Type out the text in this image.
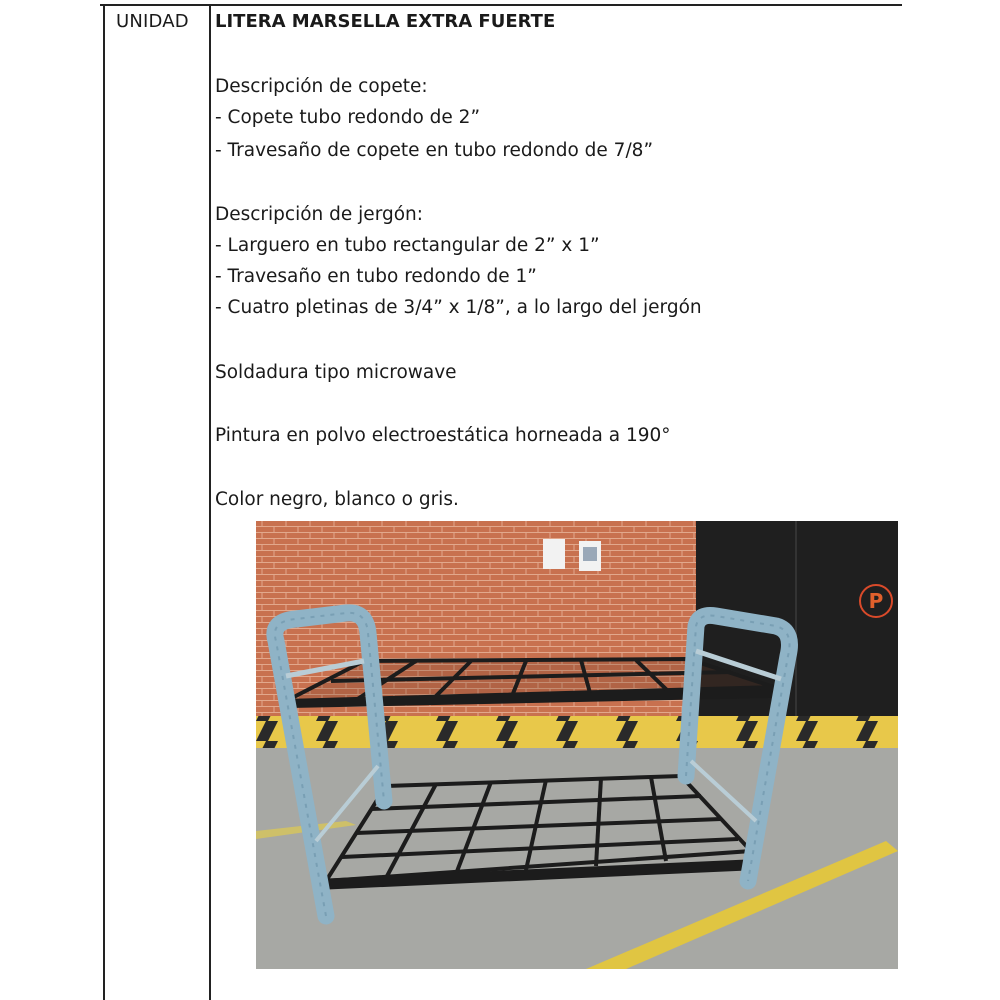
UNIDAD LITERA MARSELLA EXTRA FUERTE
Descripción de copete:
- Copete tubo redondo de 2”
- Travesaño de copete en tubo redondo de 7/8”
Descripción de jergón:
- Larguero en tubo rectangular de 2” x 1”
- Travesaño en tubo redondo de 1”
- Cuatro pletinas de 3/4” x 1/8”, a lo largo del jergón
Soldadura tipo microwave
Pintura en polvo electroestática horneada a 190°
Color negro, blanco o gris.
P
